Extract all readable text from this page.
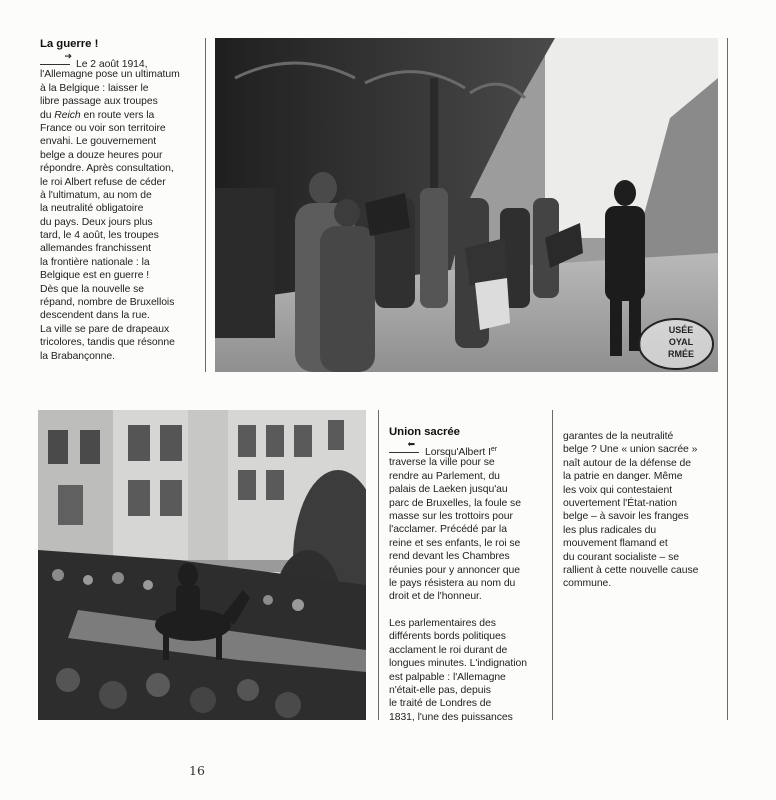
La guerre !
➔
Le 2 août 1914,
l'Allemagne pose un ultimatum
à la Belgique : laisser le
libre passage aux troupes
du Reich en route vers la
France ou voir son territoire
envahi. Le gouvernement
belge a douze heures pour
répondre. Après consultation,
le roi Albert refuse de céder
à l'ultimatum, au nom de
la neutralité obligatoire
du pays. Deux jours plus
tard, le 4 août, les troupes
allemandes franchissent
la frontière nationale : la
Belgique est en guerre !
Dès que la nouvelle se
répand, nombre de Bruxellois
descendent dans la rue.
La ville se pare de drapeaux
tricolores, tandis que résonne
la Brabançonne.
USÉE
OYAL
RMÉE
Union sacrée
⬅
Lorsqu'Albert Ier
traverse la ville pour se
rendre au Parlement, du
palais de Laeken jusqu'au
parc de Bruxelles, la foule se
masse sur les trottoirs pour
l'acclamer. Précédé par la
reine et ses enfants, le roi se
rend devant les Chambres
réunies pour y annoncer que
le pays résistera au nom du
droit et de l'honneur.
Les parlementaires des
différents bords politiques
acclament le roi durant de
longues minutes. L'indignation
est palpable : l'Allemagne
n'était-elle pas, depuis
le traité de Londres de
1831, l'une des puissances
garantes de la neutralité
belge ? Une « union sacrée »
naît autour de la défense de
la patrie en danger. Même
les voix qui contestaient
ouvertement l'État-nation
belge – à savoir les franges
les plus radicales du
mouvement flamand et
du courant socialiste – se
rallient à cette nouvelle cause
commune.
16
